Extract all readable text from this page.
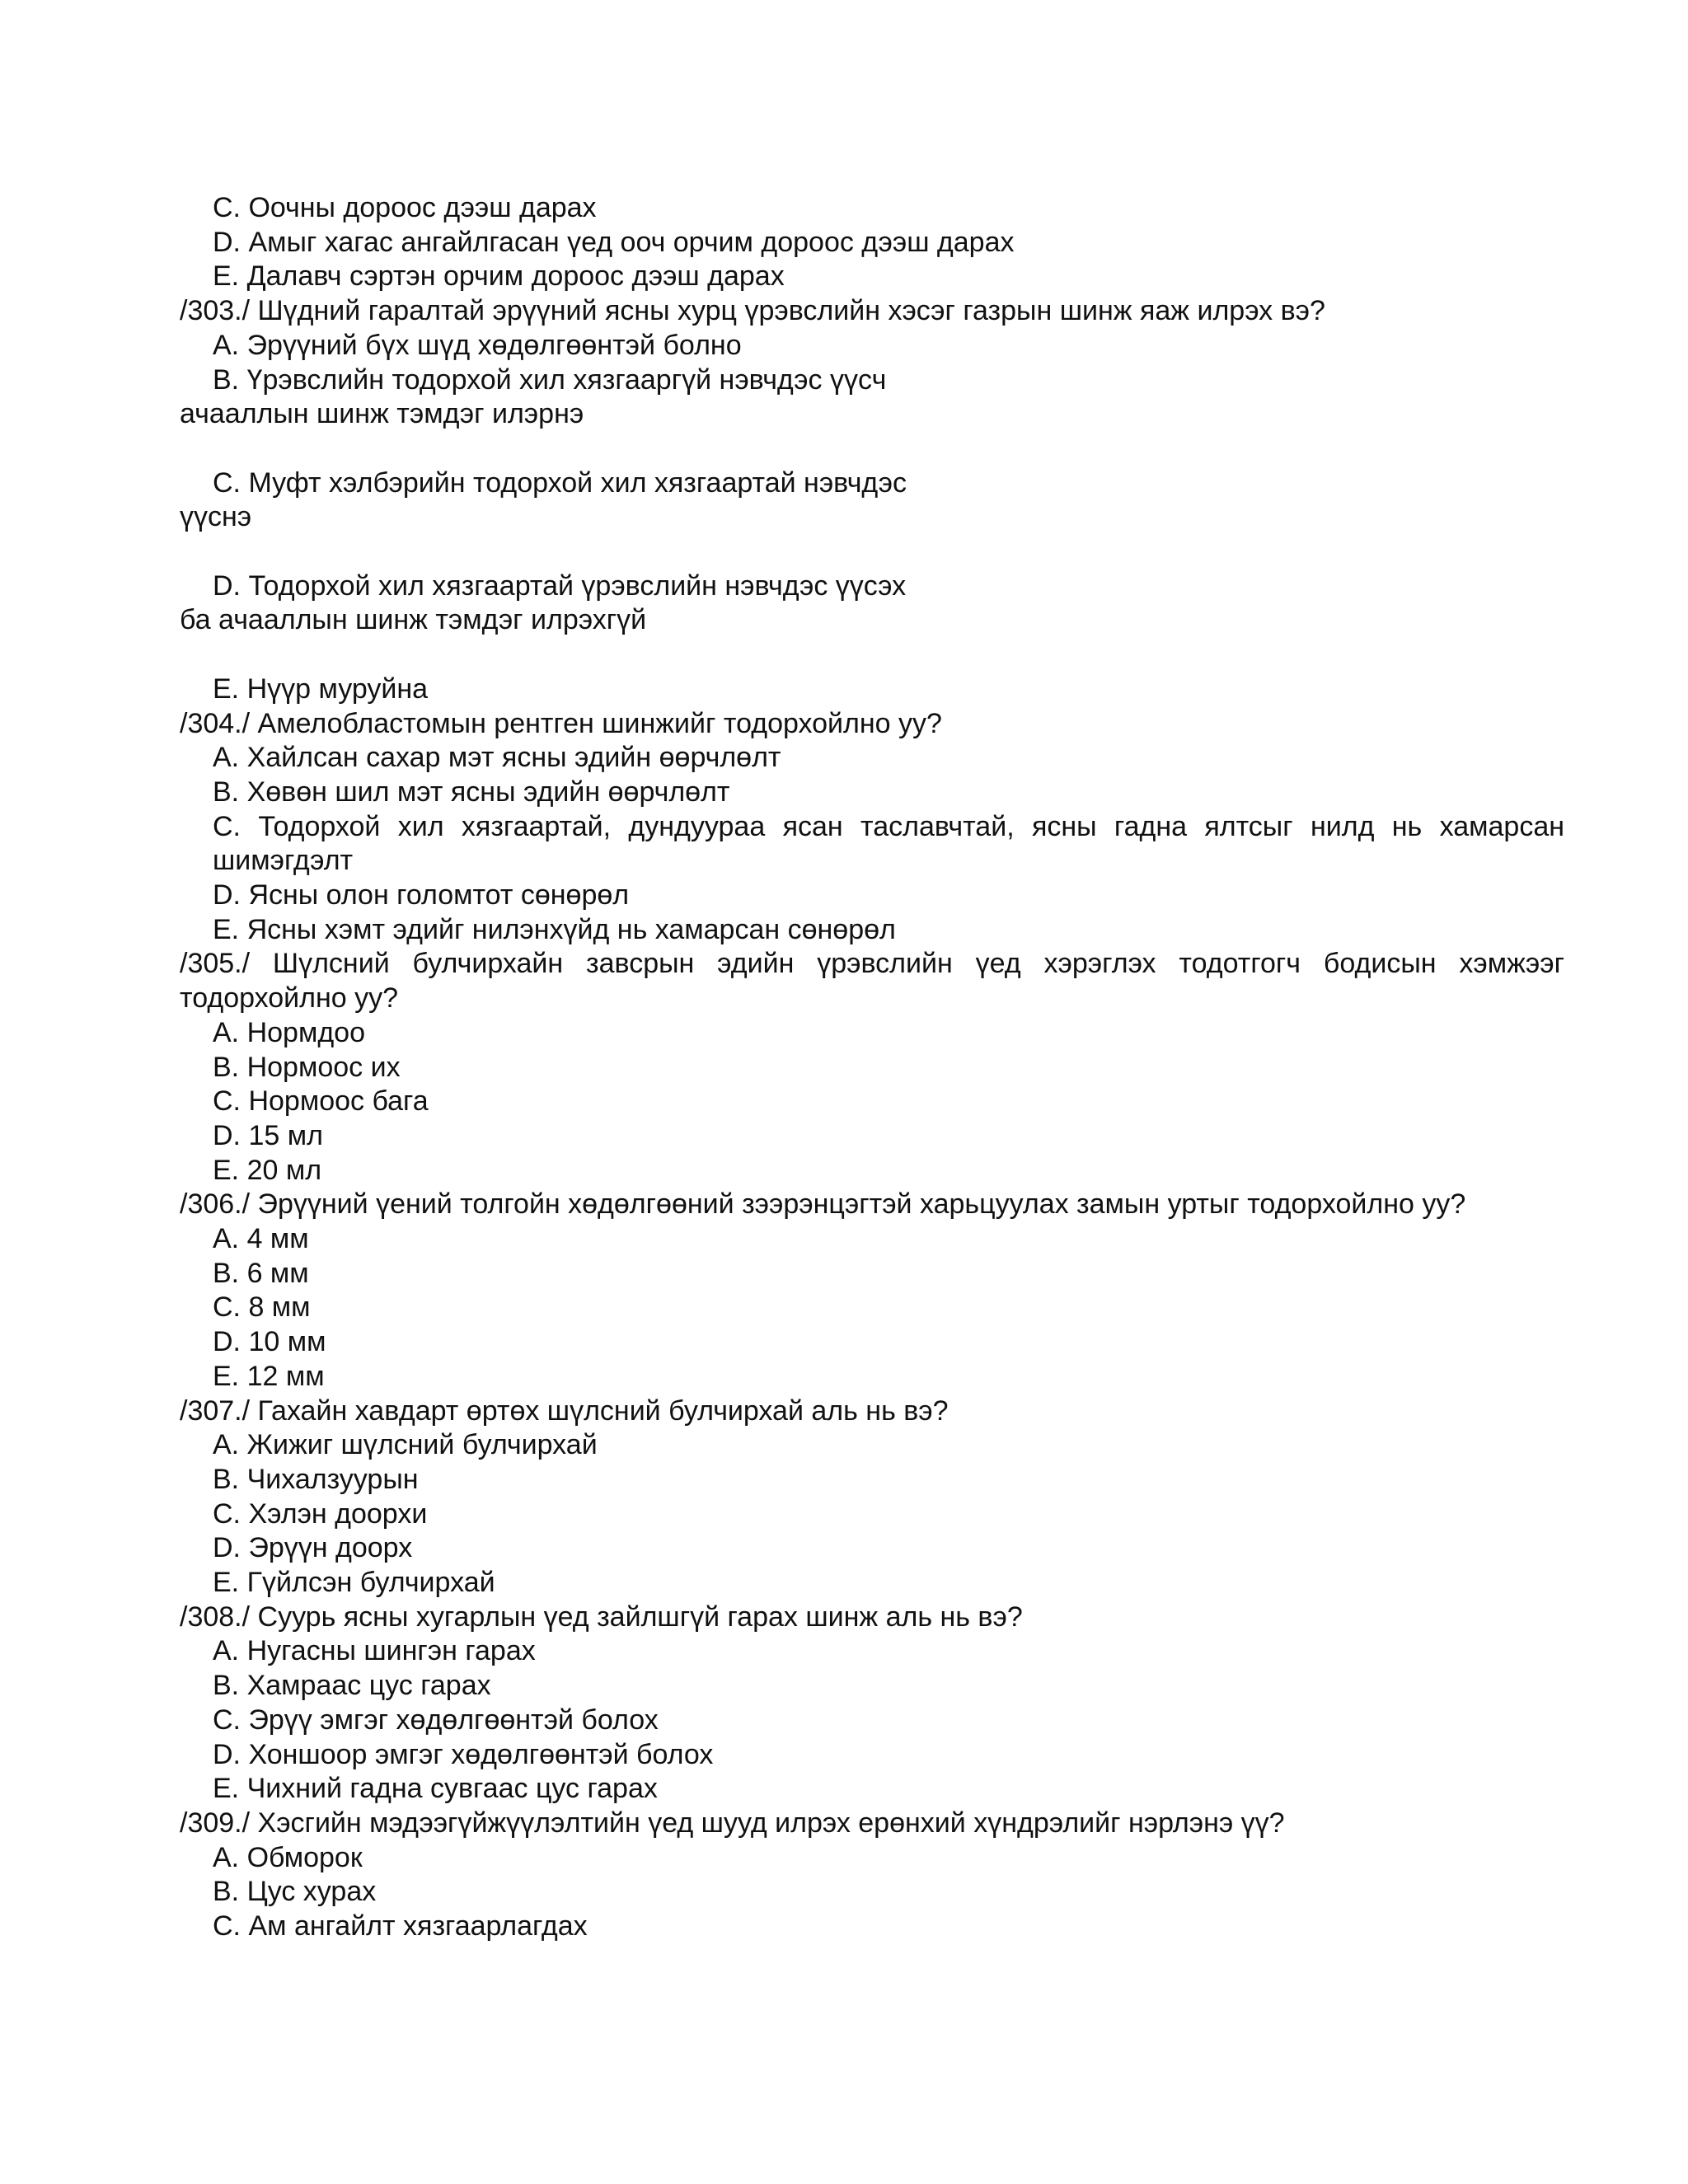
C. Оочны дороос дээш дарах
D. Амыг хагас ангайлгасан үед ооч орчим дороос дээш дарах
E. Далавч сэртэн орчим дороос дээш дарах
/303./ Шүдний гаралтай эрүүний ясны хурц үрэвслийн хэсэг газрын шинж яаж илрэх вэ?
A. Эрүүний бүх шүд хөдөлгөөнтэй болно
B. Үрэвслийн тодорхой хил хязгааргүй нэвчдэс үүсч
ачааллын шинж тэмдэг илэрнэ
C. Муфт хэлбэрийн тодорхой хил хязгаартай нэвчдэс
үүснэ
D. Тодорхой хил хязгаартай үрэвслийн нэвчдэс үүсэх
ба ачааллын шинж тэмдэг илрэхгүй
E. Нүүр муруйна
/304./ Амелобластомын рентген шинжийг тодорхойлно уу?
A. Хайлсан сахар мэт ясны эдийн өөрчлөлт
B. Хөвөн шил мэт ясны эдийн өөрчлөлт
C. Тодорхой хил хязгаартай, дундуураа ясан таславчтай, ясны гадна ялтсыг нилд нь хамарсан шимэгдэлт
D. Ясны олон голомтот сөнөрөл
E. Ясны хэмт эдийг нилэнхүйд нь хамарсан сөнөрөл
/305./ Шүлсний булчирхайн завсрын эдийн үрэвслийн үед хэрэглэх тодотгогч бодисын хэмжээг тодорхойлно уу?
A. Нормдоо
B. Нормоос их
C. Нормоос бага
D. 15 мл
E. 20 мл
/306./ Эрүүний үений толгойн хөдөлгөөний зээрэнцэгтэй харьцуулах замын уртыг тодорхойлно уу?
A. 4 мм
B. 6 мм
C. 8 мм
D. 10 мм
E. 12 мм
/307./ Гахайн хавдарт өртөх шүлсний булчирхай аль нь вэ?
A. Жижиг шүлсний булчирхай
B. Чихалзуурын
C. Хэлэн доорхи
D. Эрүүн доорх
E. Гүйлсэн булчирхай
/308./ Суурь ясны хугарлын үед зайлшгүй гарах шинж аль нь вэ?
A. Нугасны шингэн гарах
B. Хамраас цус гарах
C. Эрүү эмгэг хөдөлгөөнтэй болох
D. Хоншоор эмгэг хөдөлгөөнтэй болох
E. Чихний гадна сувгаас цус гарах
/309./ Хэсгийн мэдээгүйжүүлэлтийн үед шууд илрэх ерөнхий хүндрэлийг нэрлэнэ үү?
A. Обморок
B. Цус хурах
C. Ам ангайлт хязгаарлагдах
